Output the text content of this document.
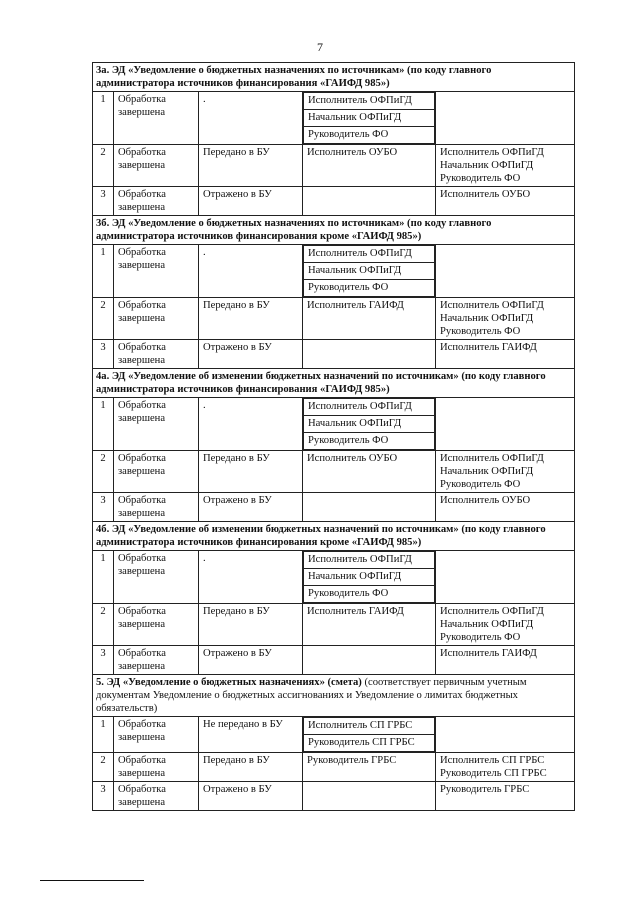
7
3а. ЭД «Уведомление о бюджетных назначениях по источникам» (по коду главного администратора источников финансирования «ГАИФД 985»)				
1	Обработка завершена	.	Исполнитель ОФПиГД
Начальник ОФПиГД
Руководитель ФО	

2	Обработка завершена	Передано в БУ	Исполнитель ОУБО	Исполнитель ОФПиГД
Начальник ОФПиГД
Руководитель ФО

3	Обработка завершена	Отражено в БУ		Исполнитель ОУБО

3б. ЭД «Уведомление о бюджетных назначениях по источникам» (по коду главного администратора источников финансирования кроме «ГАИФД 985»)				
1	Обработка завершена	.	Исполнитель ОФПиГД
Начальник ОФПиГД
Руководитель ФО	

2	Обработка завершена	Передано в БУ	Исполнитель ГАИФД	Исполнитель ОФПиГД
Начальник ОФПиГД
Руководитель ФО

3	Обработка завершена	Отражено в БУ		Исполнитель ГАИФД

4а. ЭД «Уведомление об изменении бюджетных назначений по источникам» (по коду главного администратора источников финансирования «ГАИФД 985»)				
1	Обработка завершена	.	Исполнитель ОФПиГД
Начальник ОФПиГД
Руководитель ФО	

2	Обработка завершена	Передано в БУ	Исполнитель ОУБО	Исполнитель ОФПиГД
Начальник ОФПиГД
Руководитель ФО

3	Обработка завершена	Отражено в БУ		Исполнитель ОУБО

4б. ЭД «Уведомление об изменении бюджетных назначений по источникам» (по коду главного администратора источников финансирования кроме «ГАИФД 985»)				
1	Обработка завершена	.	Исполнитель ОФПиГД
Начальник ОФПиГД
Руководитель ФО	

2	Обработка завершена	Передано в БУ	Исполнитель ГАИФД	Исполнитель ОФПиГД
Начальник ОФПиГД
Руководитель ФО

3	Обработка завершена	Отражено в БУ		Исполнитель ГАИФД

5. ЭД «Уведомление о бюджетных назначениях» (смета) (соответствует первичным учетным документам Уведомление о бюджетных ассигнованиях и Уведомление о лимитах бюджетных обязательств)				
1	Обработка завершена	Не передано в БУ	Исполнитель СП ГРБС
Руководитель СП ГРБС	

2	Обработка завершена	Передано в БУ	Руководитель ГРБС	Исполнитель СП ГРБС
Руководитель СП ГРБС

3	Обработка завершена	Отражено в БУ		Руководитель ГРБС
